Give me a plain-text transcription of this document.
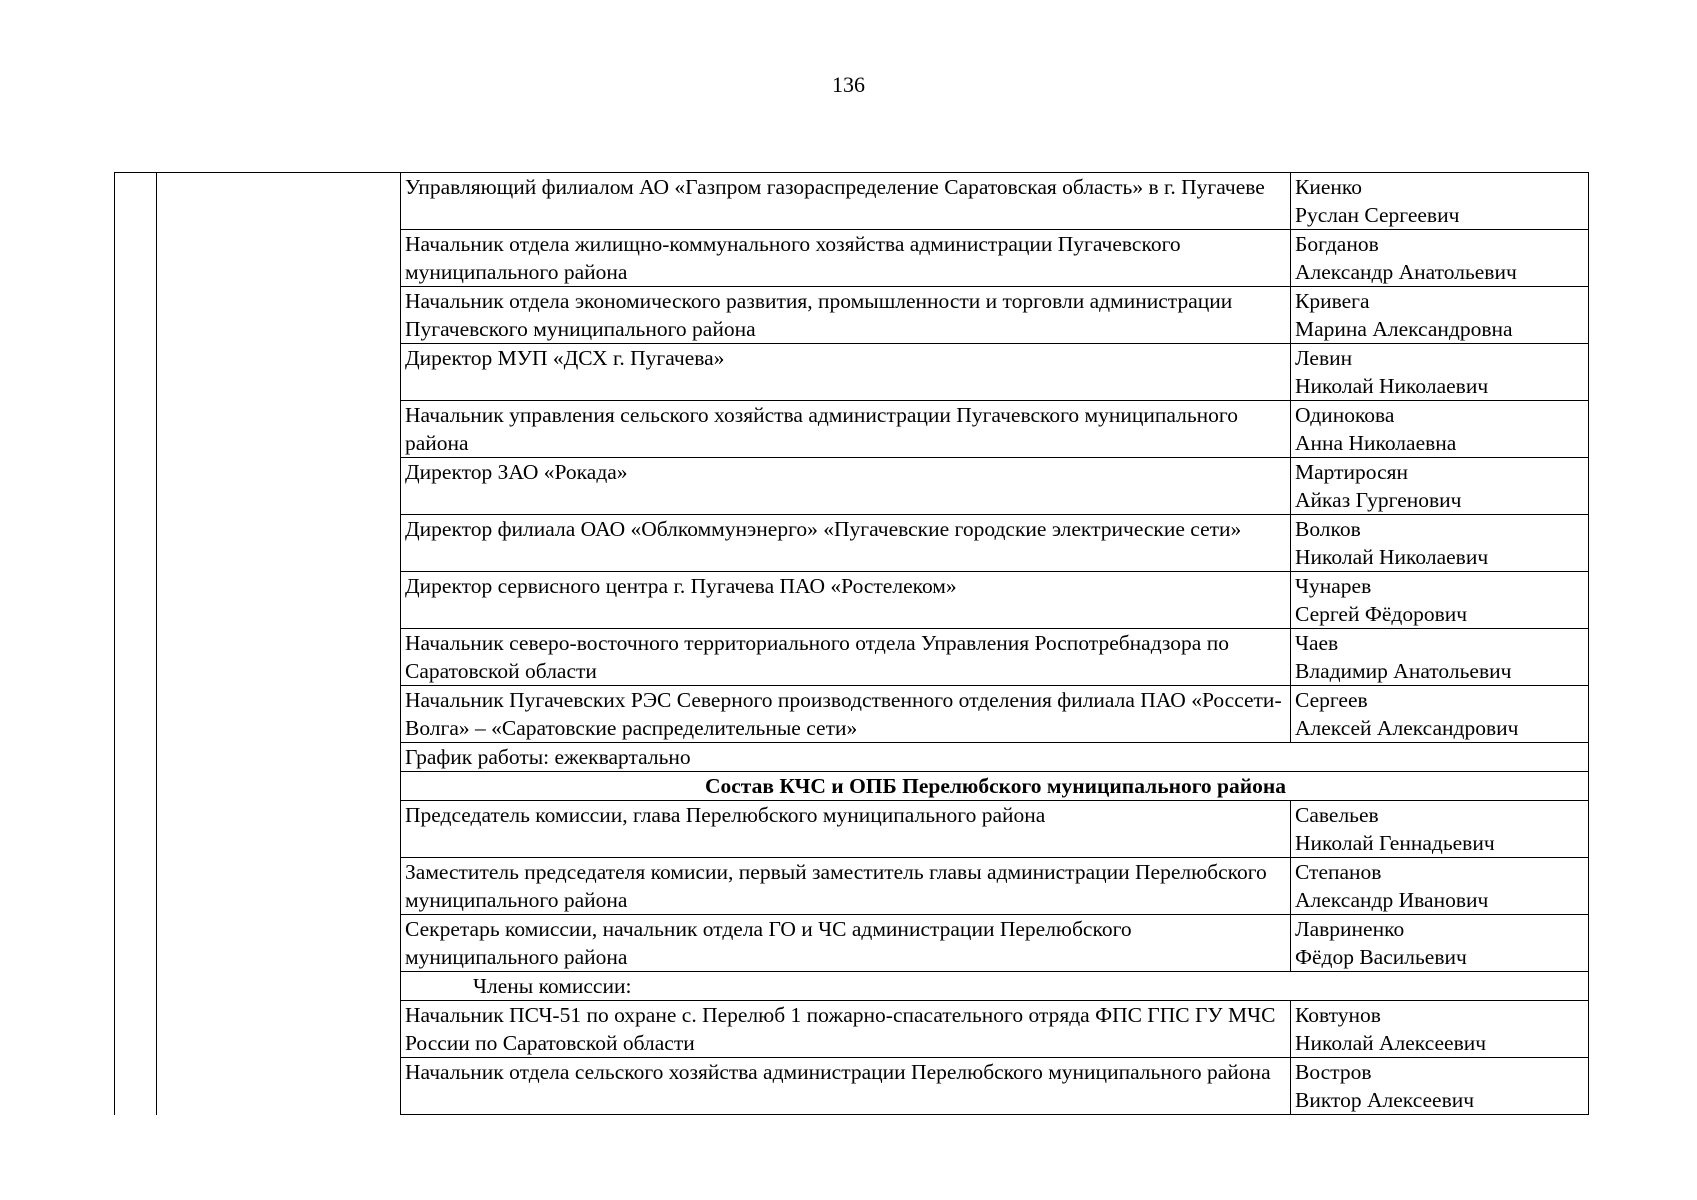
136
		Управляющий филиалом АО «Газпром газораспределение Саратовская область» в г. Пугачеве	Киенко
Руслан Сергеевич

		Начальник отдела жилищно-коммунального хозяйства администрации Пугачевского муниципального района	Богданов
Александр Анатольевич

		Начальник отдела экономического развития, промышленности и торговли администрации Пугачевского муниципального района	Кривега
Марина Александровна

		Директор МУП «ДСХ г. Пугачева»	Левин
Николай Николаевич

		Начальник управления сельского хозяйства администрации Пугачевского муниципального района	Одинокова
Анна Николаевна

		Директор ЗАО «Рокада»	Мартиросян
Айказ Гургенович

		Директор филиала ОАО «Облкоммунэнерго» «Пугачевские городские электрические сети»	Волков
Николай Николаевич

		Директор сервисного центра г. Пугачева ПАО «Ростелеком»	Чунарев
Сергей Фёдорович

		Начальник северо-восточного территориального отдела Управления Роспотребнадзора по Саратовской области	Чаев
Владимир Анатольевич

		Начальник Пугачевских РЭС Северного производственного отделения филиала ПАО «Россети-Волга» – «Саратовские распределительные сети»	Сергеев
Алексей Александрович

		График работы: ежеквартально	
		Состав КЧС и ОПБ Перелюбского муниципального района	
		Председатель комиссии, глава Перелюбского муниципального района	Савельев
Николай Геннадьевич

		Заместитель председателя комисии, первый заместитель главы администрации Перелюбского муниципального района	Степанов
Александр Иванович

		Секретарь комиссии, начальник отдела ГО и ЧС администрации Перелюбского муниципального района	Лавриненко
Фёдор Васильевич

		Члены комиссии:	
		Начальник ПСЧ-51 по охране с. Перелюб 1 пожарно-спасательного отряда ФПС ГПС ГУ МЧС России по Саратовской области	Ковтунов
Николай Алексеевич

		Начальник отдела сельского хозяйства администрации Перелюбского муниципального района	Востров
Виктор Алексеевич
